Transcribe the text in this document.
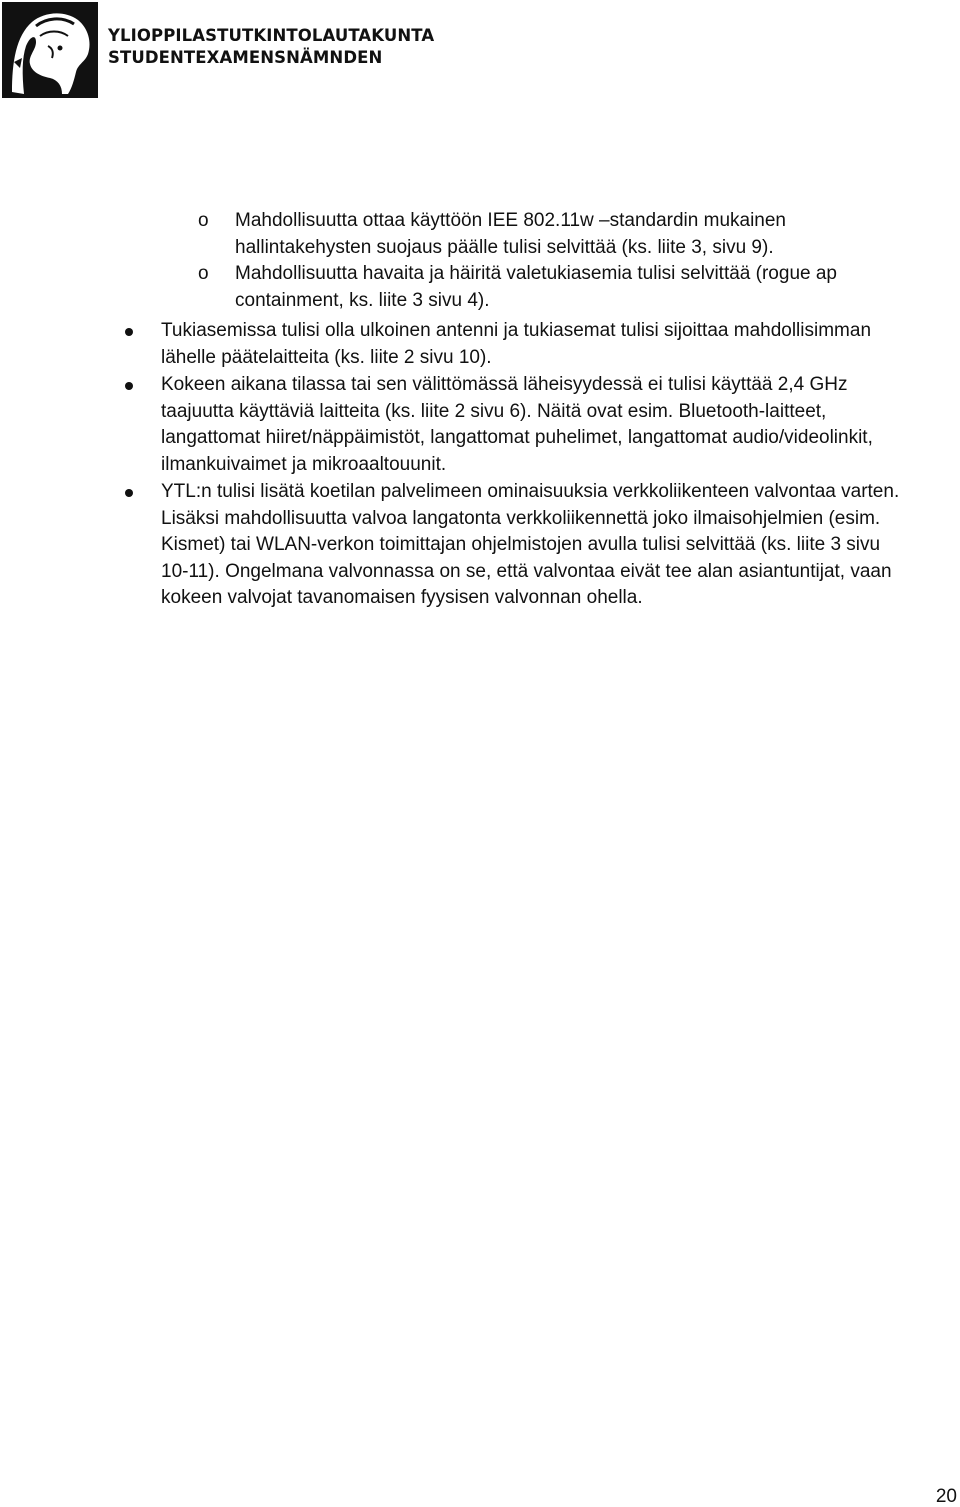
YLIOPPILASTUTKINTOLAUTAKUNTA
STUDENTEXAMENSNÄMNDEN
o Mahdollisuutta ottaa käyttöön IEE 802.11w –standardin mukainen
hallintakehysten suojaus päälle tulisi selvittää (ks. liite 3, sivu 9).
o Mahdollisuutta havaita ja häiritä valetukiasemia tulisi selvittää (rogue ap
containment, ks. liite 3 sivu 4).
Tukiasemissa tulisi olla ulkoinen antenni ja tukiasemat tulisi sijoittaa mahdollisimman
lähelle päätelaitteita (ks. liite 2 sivu 10).
Kokeen aikana tilassa tai sen välittömässä läheisyydessä ei tulisi käyttää 2,4 GHz
taajuutta käyttäviä laitteita (ks. liite 2 sivu 6). Näitä ovat esim. Bluetooth-laitteet,
langattomat hiiret/näppäimistöt, langattomat puhelimet, langattomat audio/videolinkit,
ilmankuivaimet ja mikroaaltouunit.
YTL:n tulisi lisätä koetilan palvelimeen ominaisuuksia verkkoliikenteen valvontaa varten.
Lisäksi mahdollisuutta valvoa langatonta verkkoliikennettä joko ilmaisohjelmien (esim.
Kismet) tai WLAN-verkon toimittajan ohjelmistojen avulla tulisi selvittää (ks. liite 3 sivu
10-11). Ongelmana valvonnassa on se, että valvontaa eivät tee alan asiantuntijat, vaan
kokeen valvojat tavanomaisen fyysisen valvonnan ohella.
20
